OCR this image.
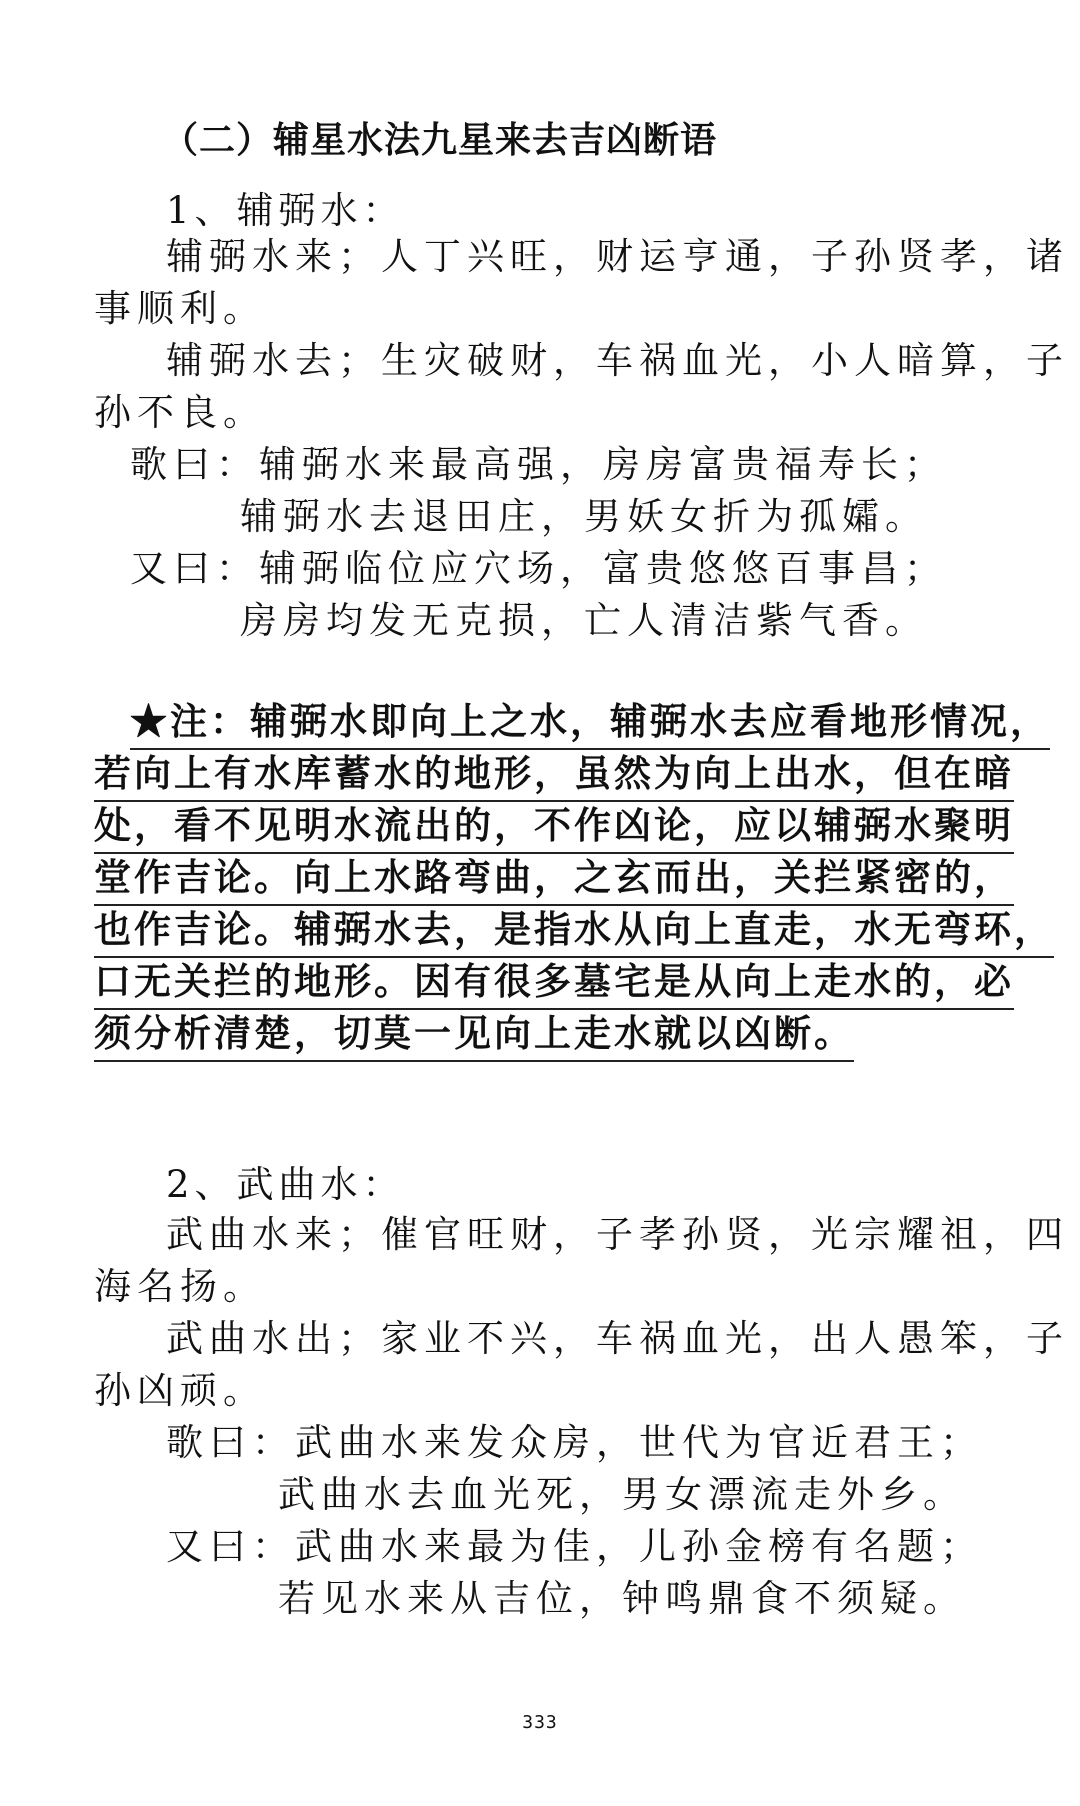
（二）辅星水法九星来去吉凶断语

1、辅弼水：

辅弼水来；人丁兴旺，财运亨通，子孙贤孝，诸

事顺利。

辅弼水去；生灾破财，车祸血光，小人暗算，子

孙不良。

歌曰：辅弼水来最高强，房房富贵福寿长；

辅弼水去退田庄，男妖女折为孤孀。

又曰：辅弼临位应穴场，富贵悠悠百事昌；

房房均发无克损，亡人清洁紫气香。

★注：辅弼水即向上之水，辅弼水去应看地形情况，

若向上有水库蓄水的地形，虽然为向上出水，但在暗

处，看不见明水流出的，不作凶论，应以辅弼水聚明

堂作吉论。向上水路弯曲，之玄而出，关拦紧密的，

也作吉论。辅弼水去，是指水从向上直走，水无弯环，

口无关拦的地形。因有很多墓宅是从向上走水的，必

须分析清楚，切莫一见向上走水就以凶断。

2、武曲水：

武曲水来；催官旺财，子孝孙贤，光宗耀祖，四

海名扬。

武曲水出；家业不兴，车祸血光，出人愚笨，子

孙凶顽。

歌曰：武曲水来发众房，世代为官近君王；

武曲水去血光死，男女漂流走外乡。

又曰：武曲水来最为佳，儿孙金榜有名题；

若见水来从吉位，钟鸣鼎食不须疑。

333
